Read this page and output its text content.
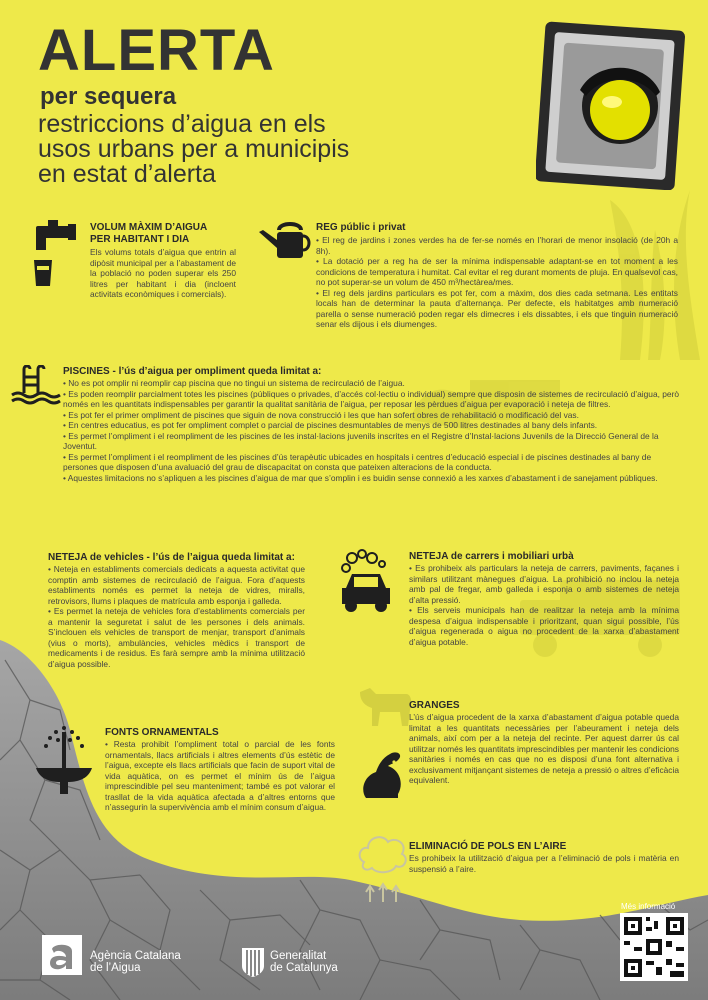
ALERTA
per sequera
restriccions d’aigua en els
usos urbans per a municipis
en estat d’alerta
VOLUM MÀXIM D’AIGUA
PER HABITANT I DIA
Els volums totals d’aigua que entrin al dipòsit municipal per a l’abastament de la població no poden superar els 250 litres per habitant i dia (incloent activitats econòmiques i comercials).
REG públic i privat
• El reg de jardins i zones verdes ha de fer-se només en l’horari de menor insolació (de 20h a 8h).
• La dotació per a reg ha de ser la mínima indispensable adaptant-se en tot moment a les condicions de temperatura i humitat. Cal evitar el reg durant moments de pluja. En qualsevol cas, no pot superar-se un volum de 450 m³/hectàrea/mes.
• El reg dels jardins particulars es pot fer, com a màxim, dos dies cada setmana. Les entitats locals han de determinar la pauta d’alternança. Per defecte, els habitatges amb numeració parella o sense numeració poden regar els dimecres i els dissabtes, i els que tinguin numeració senar els dijous i els diumenges.
PISCINES - l’ús d’aigua per ompliment queda limitat a:
• No es pot omplir ni reomplir cap piscina que no tingui un sistema de recirculació de l’aigua.
• Es poden reomplir parcialment totes les piscines (públiques o privades, d’accés col·lectiu o individual) sempre que disposin de sistemes de recirculació d’aigua, però només en les quantitats indispensables per garantir la qualitat sanitària de l’aigua, per reposar les pèrdues d’aigua per evaporació i neteja de filtres.
• Es pot fer el primer ompliment de piscines que siguin de nova construcció i les que han sofert obres de rehabilitació o modificació del vas.
• En centres educatius, es pot fer ompliment complet o parcial de piscines desmuntables de menys de 500 litres destinades al bany dels infants.
• Es permet l’ompliment i el reompliment de les piscines de les instal·lacions juvenils inscrites en el Registre d’Instal·lacions Juvenils de la Direcció General de la Joventut.
• Es permet l’ompliment i el reompliment de les piscines d’ús terapèutic ubicades en hospitals i centres d’educació especial i de piscines destinades al bany de persones que disposen d’una avaluació del grau de discapacitat on consta que pateixen alteracions de la conducta.
• Aquestes limitacions no s’apliquen a les piscines d’aigua de mar que s’omplin i es buidin sense connexió a les xarxes d’abastament i de sanejament públiques.
NETEJA de vehicles - l’ús de l’aigua queda limitat a:
• Neteja en establiments comercials dedicats a aquesta activitat que comptin amb sistemes de recirculació de l’aigua. Fora d’aquests establiments només es permet la neteja de vidres, miralls, retrovisors, llums i plaques de matrícula amb esponja i galleda.
• Es permet la neteja de vehicles fora d’establiments comercials per a mantenir la seguretat i salut de les persones i dels animals. S’inclouen els vehicles de transport de menjar, transport d’animals (vius o morts), ambulàncies, vehicles mèdics i transport de medicaments i de residus. Es farà sempre amb la mínima utilització d’aigua possible.
NETEJA de carrers i mobiliari urbà
• Es prohibeix als particulars la neteja de carrers, paviments, façanes i similars utilitzant mànegues d’aigua. La prohibició no inclou la neteja amb pal de fregar, amb galleda i esponja o amb sistemes de neteja d’alta pressió.
• Els serveis municipals han de realitzar la neteja amb la mínima despesa d’aigua indispensable i prioritzant, quan sigui possible, l’ús d’aigua regenerada o aigua no procedent de la xarxa d’abastament d’aigua potable.
GRANGES
L’ús d’aigua procedent de la xarxa d’abastament d’aigua potable queda limitat a les quantitats necessàries per l’abeurament i neteja dels animals, així com per a la neteja del recinte. Per aquest darrer ús cal utilitzar només les quantitats imprescindibles per mantenir les condicions sanitàries i només en cas que no es disposi d’una font alternativa i exclusivament mitjançant sistemes de neteja a pressió o altres d’eficàcia equivalent.
FONTS ORNAMENTALS
• Resta prohibit l’ompliment total o parcial de les fonts ornamentals, llacs artificials i altres elements d’ús estètic de l’aigua, excepte els llacs artificials que facin de suport vital de vida aquàtica, on es permet el mínim ús de l’aigua imprescindible pel seu manteniment; també es pot valorar el trasllat de la vida aquàtica afectada a d’altres entorns que n’assegurin la supervivència amb el mínim consum d’aigua.
ELIMINACIÓ DE POLS EN L’AIRE
Es prohibeix la utilització d’aigua per a l’eliminació de pols i matèria en suspensió a l’aire.
Més informació
Agència Catalana
de l’Aigua
Generalitat
de Catalunya
